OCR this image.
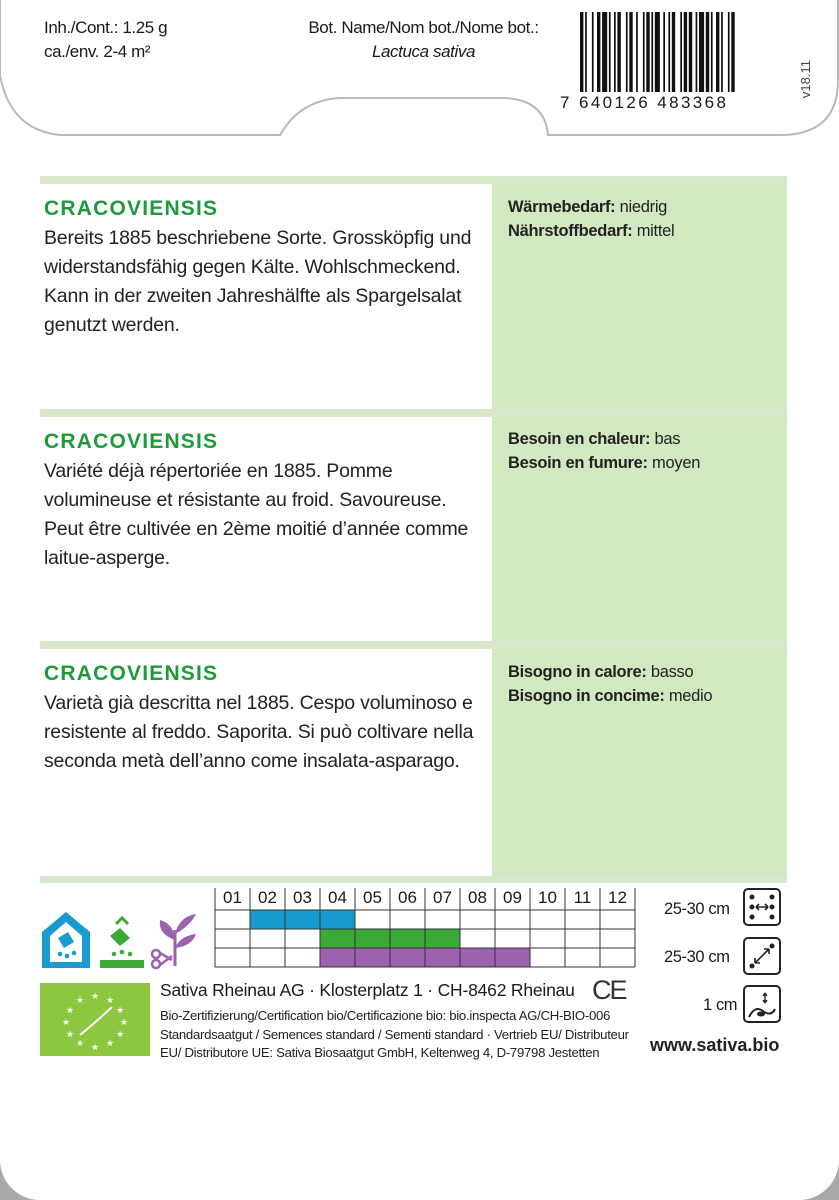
Inh./Cont.: 1.25 g
ca./env. 2-4 m²
Bot. Name/Nom bot./Nome bot.:
Lactuca sativa
7 640126 483368
v18.11
CRACOVIENSIS
Bereits 1885 beschriebene Sorte. Grossköpfig und widerstandsfähig gegen Kälte. Wohlschmeckend. Kann in der zweiten Jahreshälfte als Spargelsalat genutzt werden.
Wärmebedarf: niedrig
Nährstoffbedarf: mittel
CRACOVIENSIS
Variété déjà répertoriée en 1885. Pomme volumineuse et résistante au froid. Savoureuse. Peut être cultivée en 2ème moitié d’année comme laitue-asperge.
Besoin en chaleur: bas
Besoin en fumure: moyen
CRACOVIENSIS
Varietà già descritta nel 1885. Cespo voluminoso e resistente al freddo. Saporita. Si può coltivare nella seconda metà dell’anno come insalata-asparago.
Bisogno in calore: basso
Bisogno in concime: medio
01 02 03 04 05 06 07 08 09 10 11 12
★
★ ★
★	★
★	★
★	★
★ ★
★
Sativa Rheinau AG · Klosterplatz 1 · CH-8462 Rheinau CE
Bio-Zertifizierung/Certification bio/Certificazione bio: bio.inspecta AG/CH-BIO-006 Standardsaatgut / Semences standard / Sementi standard · Vertrieb EU/ Distributeur EU/ Distributore UE: Sativa Biosaatgut GmbH, Keltenweg 4, D-79798 Jestetten
25-30 cm
25-30 cm
1 cm
www.sativa.bio
